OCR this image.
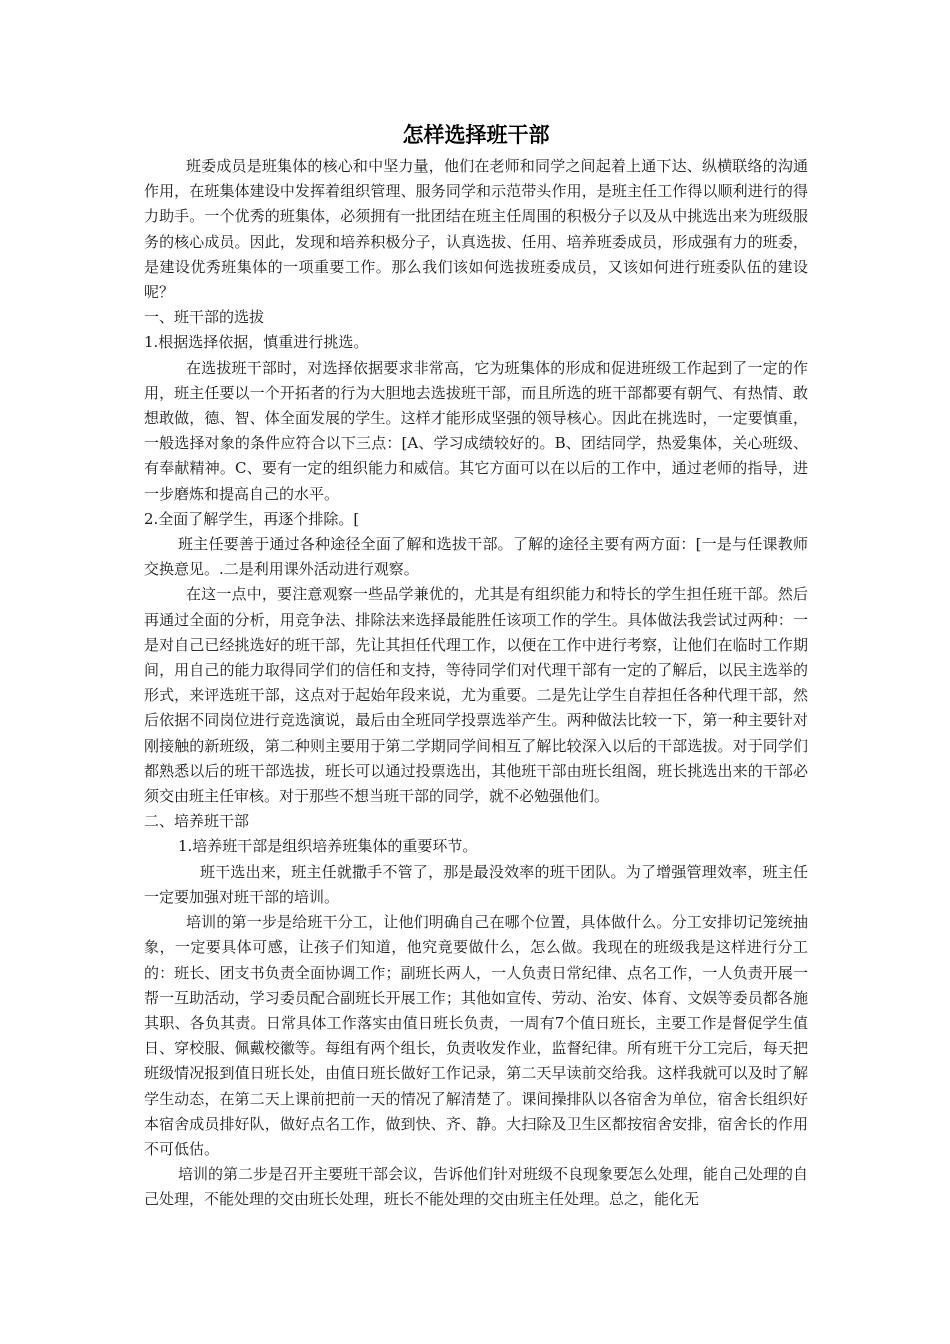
怎样选择班干部

班委成员是班集体的核心和中坚力量，他们在老师和同学之间起着上通下达、纵横联络的沟通作用，在班集体建设中发挥着组织管理、服务同学和示范带头作用，是班主任工作得以顺利进行的得力助手。一个优秀的班集体，必须拥有一批团结在班主任周围的积极分子以及从中挑选出来为班级服务的核心成员。因此，发现和培养积极分子，认真选拔、任用、培养班委成员，形成强有力的班委，是建设优秀班集体的一项重要工作。那么我们该如何选拔班委成员，又该如何进行班委队伍的建设呢？

一、班干部的选拔

1.根据选择依据，慎重进行挑选。

在选拔班干部时，对选择依据要求非常高，它为班集体的形成和促进班级工作起到了一定的作用，班主任要以一个开拓者的行为大胆地去选拔班干部，而且所选的班干部都要有朝气、有热情、敢想敢做，德、智、体全面发展的学生。这样才能形成坚强的领导核心。因此在挑选时，一定要慎重，一般选择对象的条件应符合以下三点：[A、学习成绩较好的。B、团结同学，热爱集体，关心班级、有奉献精神。C、要有一定的组织能力和威信。其它方面可以在以后的工作中，通过老师的指导，进一步磨炼和提高自己的水平。

2.全面了解学生，再逐个排除。[

班主任要善于通过各种途径全面了解和选拔干部。了解的途径主要有两方面：[一是与任课教师交换意见。.二是利用课外活动进行观察。

在这一点中，要注意观察一些品学兼优的，尤其是有组织能力和特长的学生担任班干部。然后再通过全面的分析，用竞争法、排除法来选择最能胜任该项工作的学生。具体做法我尝试过两种：一是对自己已经挑选好的班干部，先让其担任代理工作，以便在工作中进行考察，让他们在临时工作期间，用自己的能力取得同学们的信任和支持，等待同学们对代理干部有一定的了解后，以民主选举的形式，来评选班干部，这点对于起始年段来说，尤为重要。二是先让学生自荐担任各种代理干部，然后依据不同岗位进行竞选演说，最后由全班同学投票选举产生。两种做法比较一下，第一种主要针对刚接触的新班级，第二种则主要用于第二学期同学间相互了解比较深入以后的干部选拔。对于同学们都熟悉以后的班干部选拔，班长可以通过投票选出，其他班干部由班长组阁，班长挑选出来的干部必须交由班主任审核。对于那些不想当班干部的同学，就不必勉强他们。

二、培养班干部

1.培养班干部是组织培养班集体的重要环节。

班干选出来，班主任就撒手不管了，那是最没效率的班干团队。为了增强管理效率，班主任一定要加强对班干部的培训。

培训的第一步是给班干分工，让他们明确自己在哪个位置，具体做什么。分工安排切记笼统抽象，一定要具体可感，让孩子们知道，他究竟要做什么，怎么做。我现在的班级我是这样进行分工的：班长、团支书负责全面协调工作；副班长两人，一人负责日常纪律、点名工作，一人负责开展一帮一互助活动，学习委员配合副班长开展工作；其他如宣传、劳动、治安、体育、文娱等委员都各施其职、各负其责。日常具体工作落实由值日班长负责，一周有7个值日班长，主要工作是督促学生值日、穿校服、佩戴校徽等。每组有两个组长，负责收发作业，监督纪律。所有班干分工完后，每天把班级情况报到值日班长处，由值日班长做好工作记录，第二天早读前交给我。这样我就可以及时了解学生动态，在第二天上课前把前一天的情况了解清楚了。课间操排队以各宿舍为单位，宿舍长组织好本宿舍成员排好队，做好点名工作，做到快、齐、静。大扫除及卫生区都按宿舍安排，宿舍长的作用不可低估。

培训的第二步是召开主要班干部会议，告诉他们针对班级不良现象要怎么处理，能自己处理的自己处理，不能处理的交由班长处理，班长不能处理的交由班主任处理。总之，能化无
